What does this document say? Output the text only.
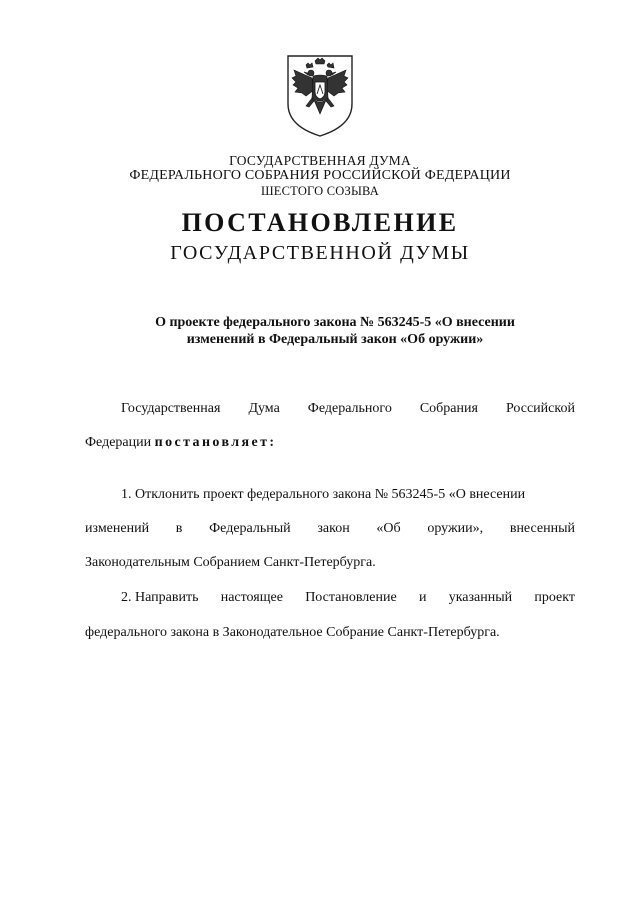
ГОСУДАРСТВЕННАЯ ДУМА
ФЕДЕРАЛЬНОГО СОБРАНИЯ РОССИЙСКОЙ ФЕДЕРАЦИИ
ШЕСТОГО СОЗЫВА
ПОСТАНОВЛЕНИЕ
ГОСУДАРСТВЕННОЙ ДУМЫ
О проекте федерального закона № 563245-5 «О внесении
изменений в Федеральный закон «Об оружии»
Государственная Дума Федерального Собрания Российской
Федерации постановляет:
1. Отклонить проект федерального закона № 563245-5 «О внесении
изменений в Федеральный закон «Об оружии», внесенный
Законодательным Собранием Санкт-Петербурга.
2. Направить настоящее Постановление и указанный проект
федерального закона в Законодательное Собрание Санкт-Петербурга.
